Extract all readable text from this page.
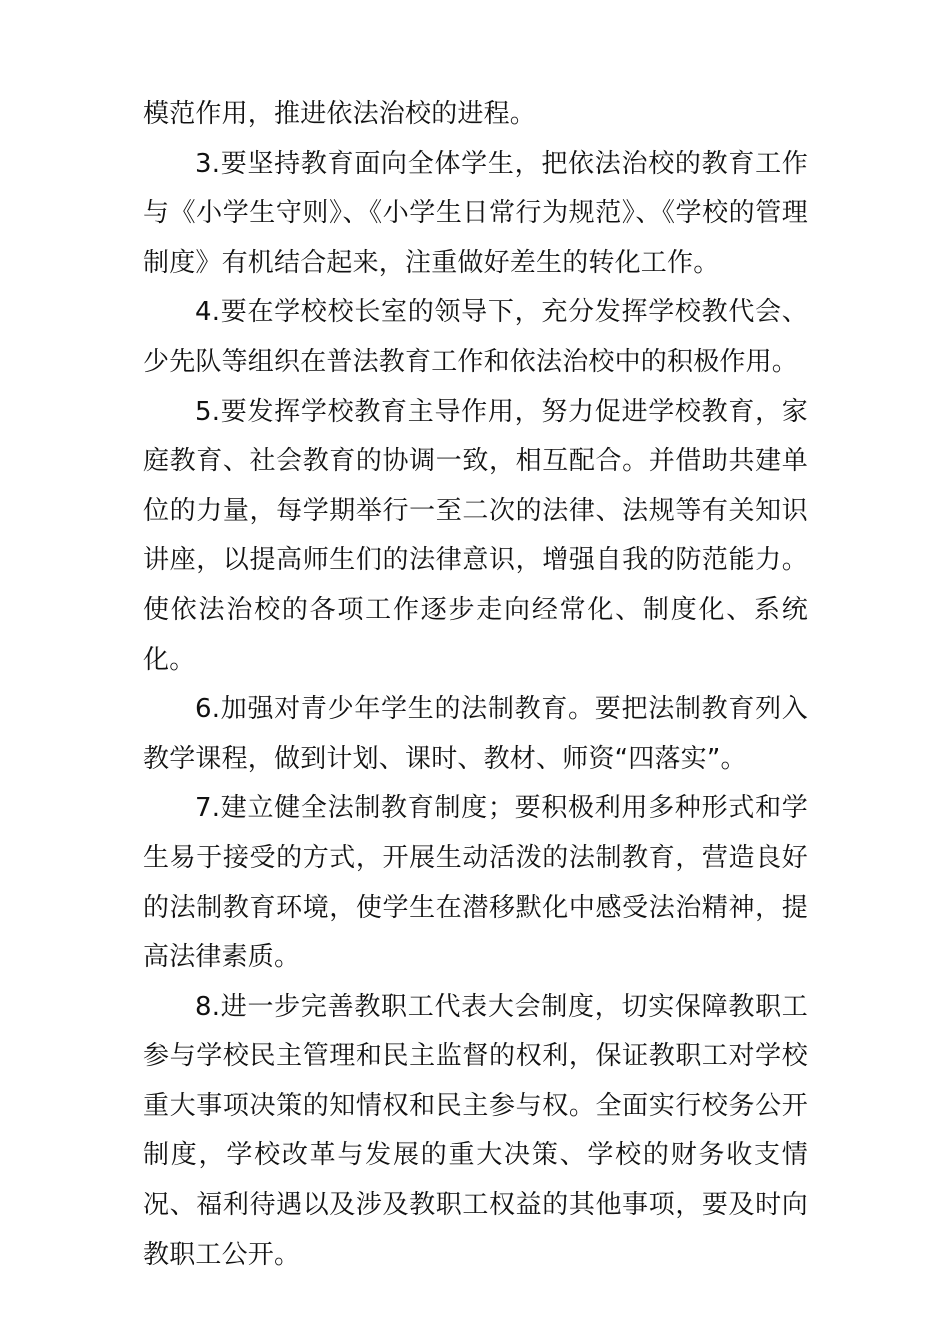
模范作用，推进依法治校的进程。

3.要坚持教育面向全体学生，把依法治校的教育工作与《小学生守则》、《小学生日常行为规范》、《学校的管理制度》有机结合起来，注重做好差生的转化工作。

4.要在学校校长室的领导下，充分发挥学校教代会、少先队等组织在普法教育工作和依法治校中的积极作用。

5.要发挥学校教育主导作用，努力促进学校教育，家庭教育、社会教育的协调一致，相互配合。并借助共建单位的力量，每学期举行一至二次的法律、法规等有关知识讲座，以提高师生们的法律意识，增强自我的防范能力。使依法治校的各项工作逐步走向经常化、制度化、系统化。

6.加强对青少年学生的法制教育。要把法制教育列入教学课程，做到计划、课时、教材、师资“四落实”。

7.建立健全法制教育制度；要积极利用多种形式和学生易于接受的方式，开展生动活泼的法制教育，营造良好的法制教育环境，使学生在潜移默化中感受法治精神，提高法律素质。

8.进一步完善教职工代表大会制度，切实保障教职工参与学校民主管理和民主监督的权利，保证教职工对学校重大事项决策的知情权和民主参与权。全面实行校务公开制度，学校改革与发展的重大决策、学校的财务收支情况、福利待遇以及涉及教职工权益的其他事项，要及时向教职工公开。
